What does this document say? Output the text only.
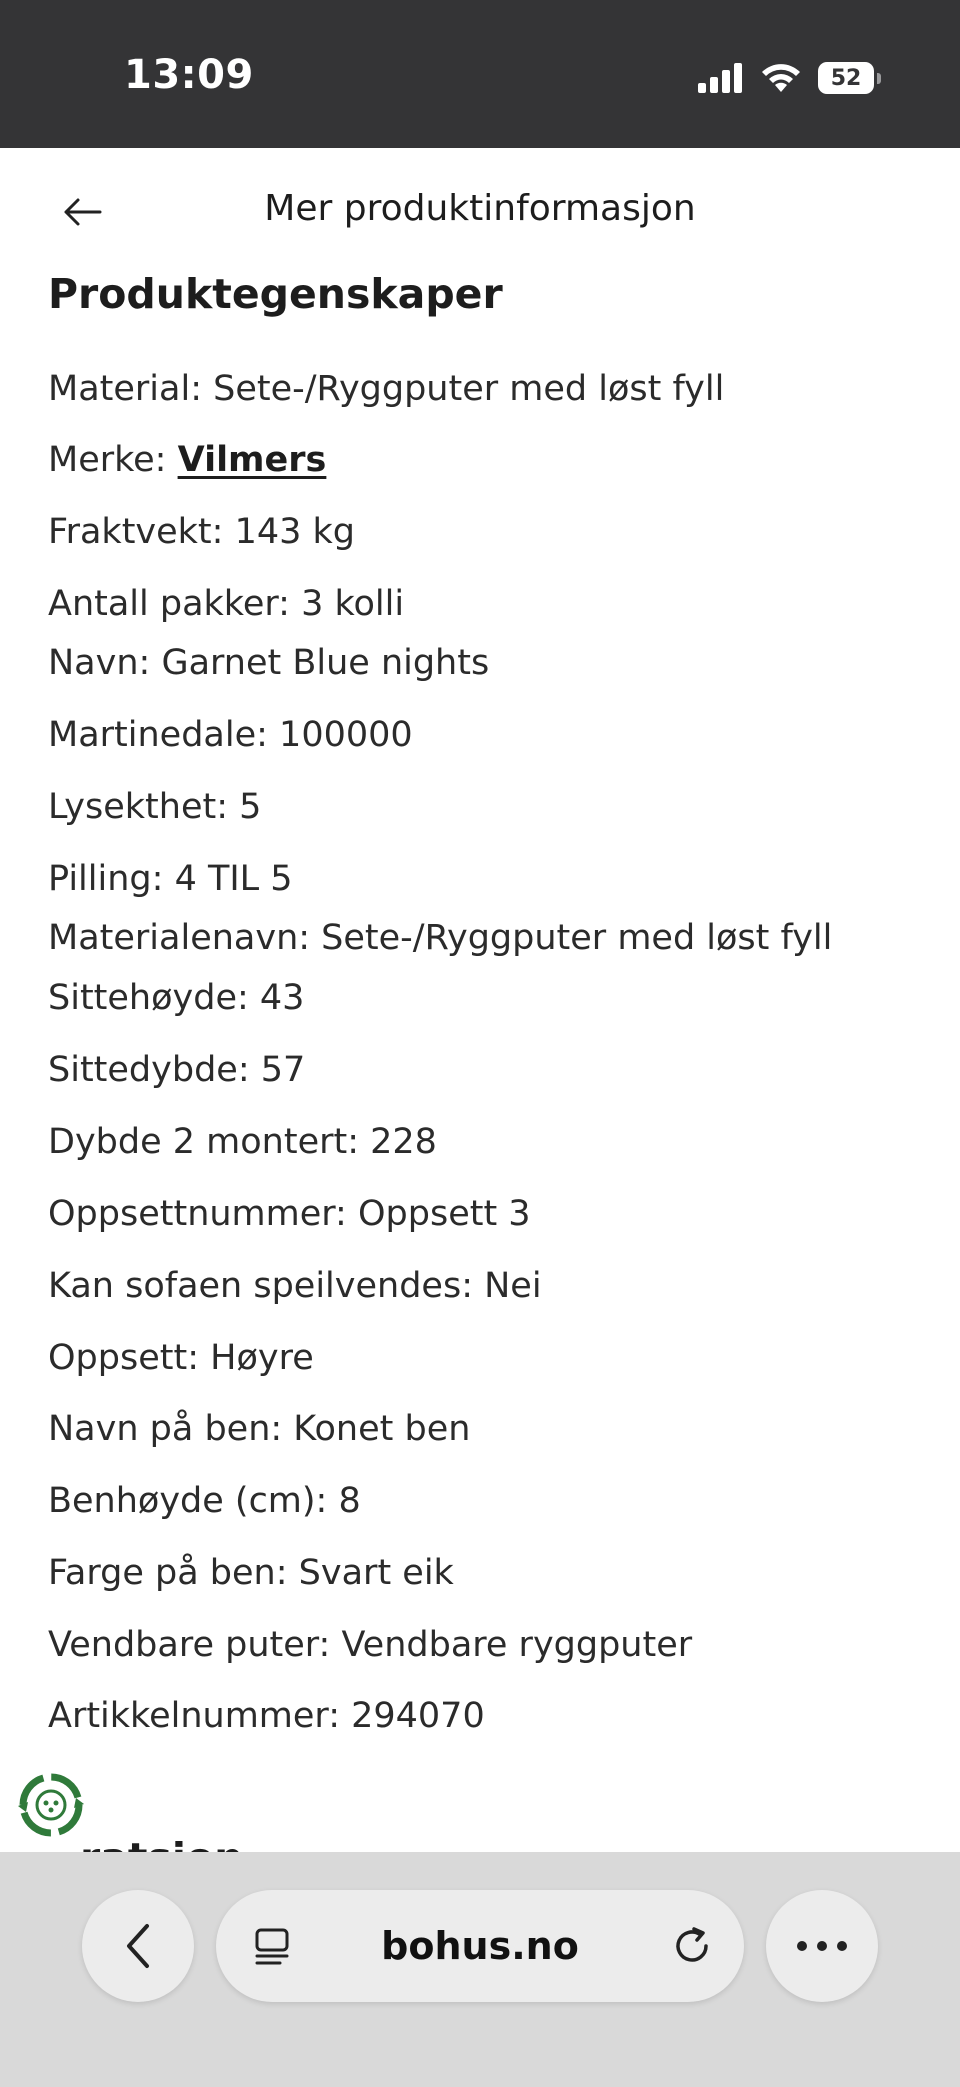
13:09	52
Mer produktinformasjon
Produktegenskaper
Material: Sete-/Ryggputer med løst fyll
Merke: Vilmers
Fraktvekt: 143 kg
Antall pakker: 3 kolli
Navn: Garnet Blue nights
Martinedale: 100000
Lysekthet: 5
Pilling: 4 TIL 5
Materialenavn: Sete-/Ryggputer med løst fyll
Sittehøyde: 43
Sittedybde: 57
Dybde 2 montert: 228
Oppsettnummer: Oppsett 3
Kan sofaen speilvendes: Nei
Oppsett: Høyre
Navn på ben: Konet ben
Benhøyde (cm): 8
Farge på ben: Svart eik
Vendbare puter: Vendbare ryggputer
Artikkelnummer: 294070
bohus.no
